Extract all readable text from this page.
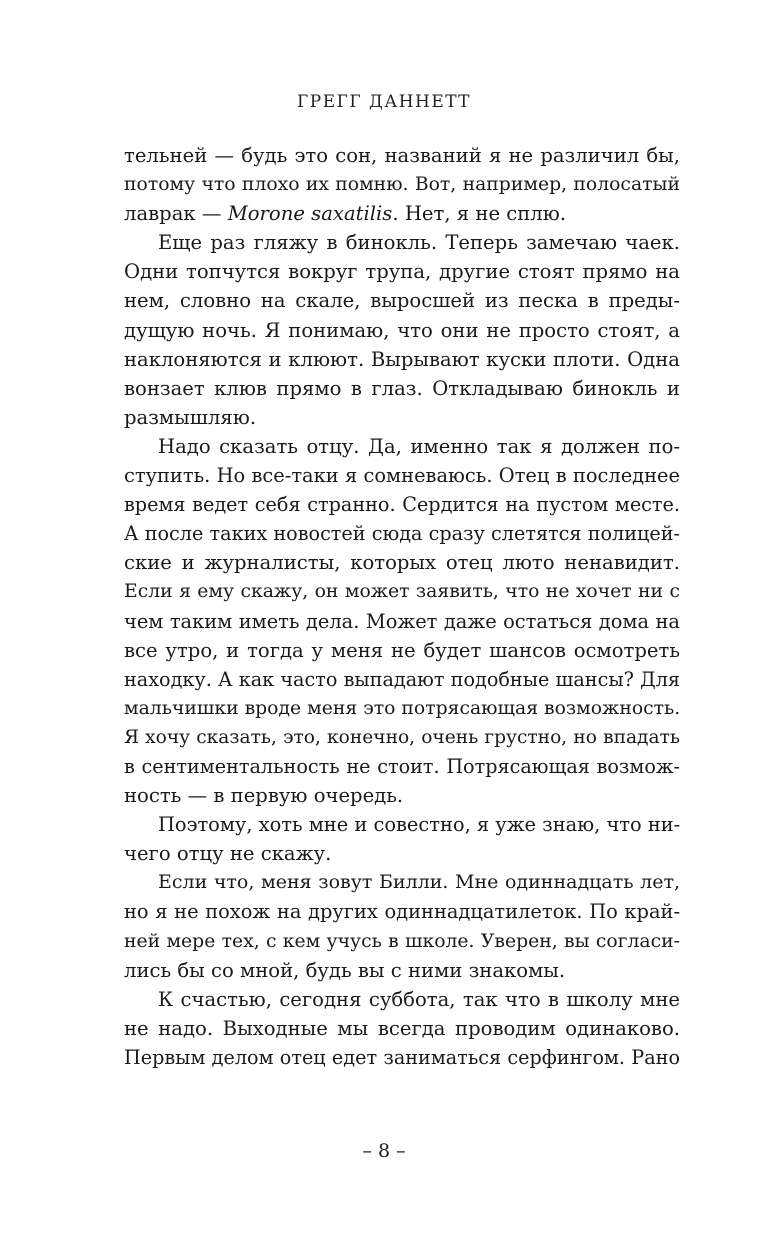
ГРЕГГ ДАННЕТТ
тельней — будь это сон, названий я не различил бы,
потому что плохо их помню. Вот, например, полосатый
лаврак — Morone saxatilis. Нет, я не сплю.
Еще раз гляжу в бинокль. Теперь замечаю чаек.
Одни топчутся вокруг трупа, другие стоят прямо на
нем, словно на скале, выросшей из песка в преды-
дущую ночь. Я понимаю, что они не просто стоят, а
наклоняются и клюют. Вырывают куски плоти. Одна
вонзает клюв прямо в глаз. Откладываю бинокль и
размышляю.
Надо сказать отцу. Да, именно так я должен по-
ступить. Но все-таки я сомневаюсь. Отец в последнее
время ведет себя странно. Сердится на пустом месте.
А после таких новостей сюда сразу слетятся полицей-
ские и журналисты, которых отец люто ненавидит.
Если я ему скажу, он может заявить, что не хочет ни с
чем таким иметь дела. Может даже остаться дома на
все утро, и тогда у меня не будет шансов осмотреть
находку. А как часто выпадают подобные шансы? Для
мальчишки вроде меня это потрясающая возможность.
Я хочу сказать, это, конечно, очень грустно, но впадать
в сентиментальность не стоит. Потрясающая возмож-
ность — в первую очередь.
Поэтому, хоть мне и совестно, я уже знаю, что ни-
чего отцу не скажу.
Если что, меня зовут Билли. Мне одиннадцать лет,
но я не похож на других одиннадцатилеток. По край-
ней мере тех, с кем учусь в школе. Уверен, вы согласи-
лись бы со мной, будь вы с ними знакомы.
К счастью, сегодня суббота, так что в школу мне
не надо. Выходные мы всегда проводим одинаково.
Первым делом отец едет заниматься серфингом. Рано
– 8 –
